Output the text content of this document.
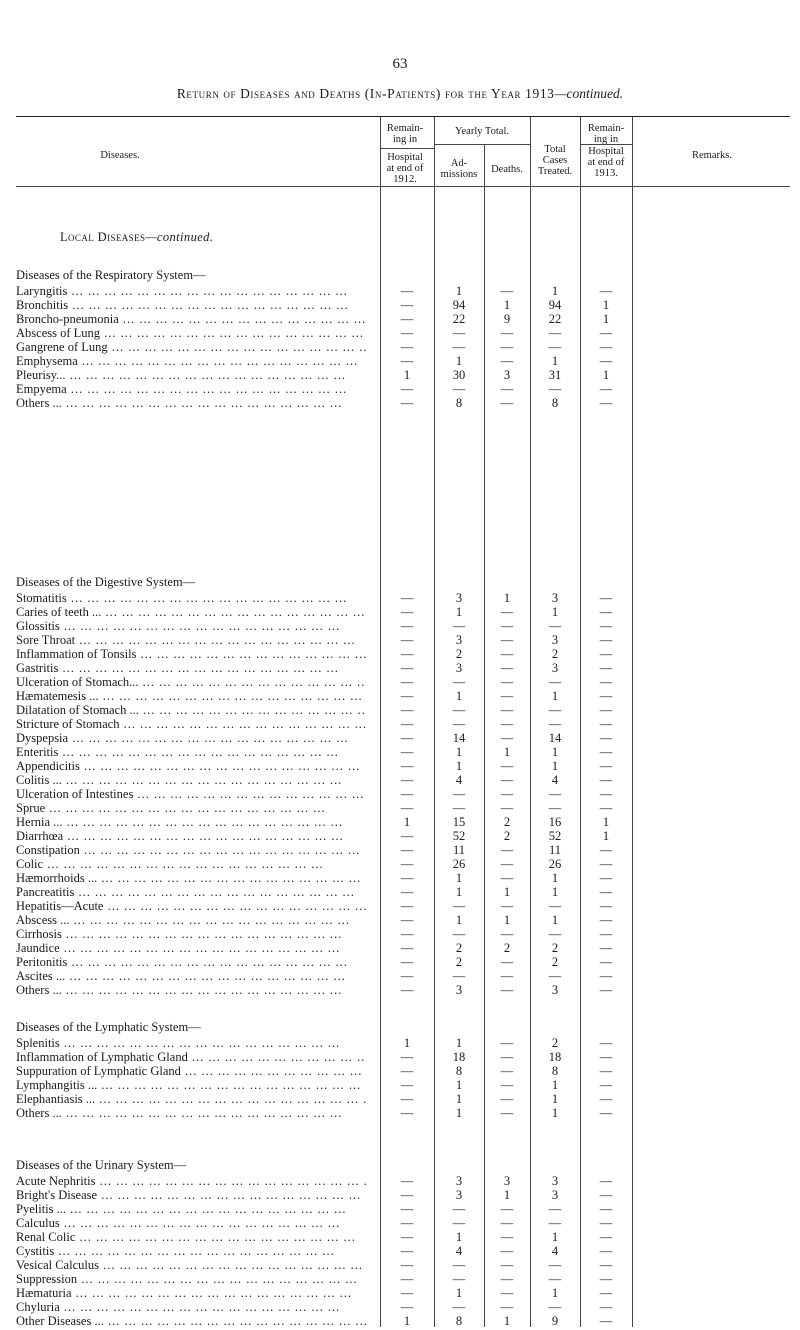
63
Return of Diseases and Deaths (In-Patients) for the Year 1913—continued.
Diseases.
Remain-
ing in
Hospital
at end of
1912.
Yearly Total.
Ad-
missions	Deaths.
Total
Cases
Treated.
Remain-
ing in
Hospital
at end of
1913.
Remarks.
Local Diseases—continued.
Diseases of the Respiratory System—
Laryngitis ... .	—	1	—	1	—
Bronchitis ... .	—	94	1	94	1
Broncho-pneumonia ... .	—	22	9	22	1
Abscess of Lung ... .	—	—	—	—	—
Gangrene of Lung ... .	—	—	—	—	—
Emphysema ... .	—	1	—	1	—
Pleurisy... ... .	1	30	3	31	1
Empyema ... .	—	—	—	—	—
Others ... ... .	—	8	—	8	—
Diseases of the Digestive System—
Stomatitis ... .	—	3	1	3	—
Caries of teeth ... ... .	—	1	—	1	—
Glossitis ... .	—	—	—	—	—
Sore Throat ... .	—	3	—	3	—
Inflammation of Tonsils ... .	—	2	—	2	—
Gastritis ... .	—	3	—	3	—
Ulceration of Stomach... ... .	—	—	—	—	—
Hæmatemesis ... ... .	—	1	—	1	—
Dilatation of Stomach ... ... .	—	—	—	—	—
Stricture of Stomach ... .	—	—	—	—	—
Dyspepsia ... .	—	14	—	14	—
Enteritis ... .	—	1	1	1	—
Appendicitis ... .	—	1	—	1	—
Colitis ... ... .	—	4	—	4	—
Ulceration of Intestines ... .	—	—	—	—	—
Sprue ... .	—	—	—	—	—
Hernia ... ... .	1	15	2	16	1
Diarrhœa ... .	—	52	2	52	1
Constipation ... .	—	11	—	11	—
Colic ... .	—	26	—	26	—
Hæmorrhoids ... ... .	—	1	—	1	—
Pancreatitis ... .	—	1	1	1	—
Hepatitis—Acute ... .	—	—	—	—	—
Abscess ... ... .	—	1	1	1	—
Cirrhosis ... .	—	—	—	—	—
Jaundice ... .	—	2	2	2	—
Peritonitis ... .	—	2	—	2	—
Ascites ... ... .	—	—	—	—	—
Others ... ... .	—	3	—	3	—
Diseases of the Lymphatic System—
Splenitis ... .	1	1	—	2	—
Inflammation of Lymphatic Gland ... .	—	18	—	18	—
Suppuration of Lymphatic Gland ... .	—	8	—	8	—
Lymphangitis ... ... .	—	1	—	1	—
Elephantiasis ... ... .	—	1	—	1	—
Others ... ... .	—	1	—	1	—
Diseases of the Urinary System—
Acute Nephritis ... .	—	3	3	3	—
Bright's Disease ... .	—	3	1	3	—
Pyelitis ... ... .	—	—	—	—	—
Calculus ... .	—	—	—	—	—
Renal Colic ... .	—	1	—	1	—
Cystitis ... .	—	4	—	4	—
Vesical Calculus ... .	—	—	—	—	—
Suppression ... .	—	—	—	—	—
Hæmaturia ... .	—	1	—	1	—
Chyluria ... .	—	—	—	—	—
Other Diseases ... ... .	1	8	1	9	—
